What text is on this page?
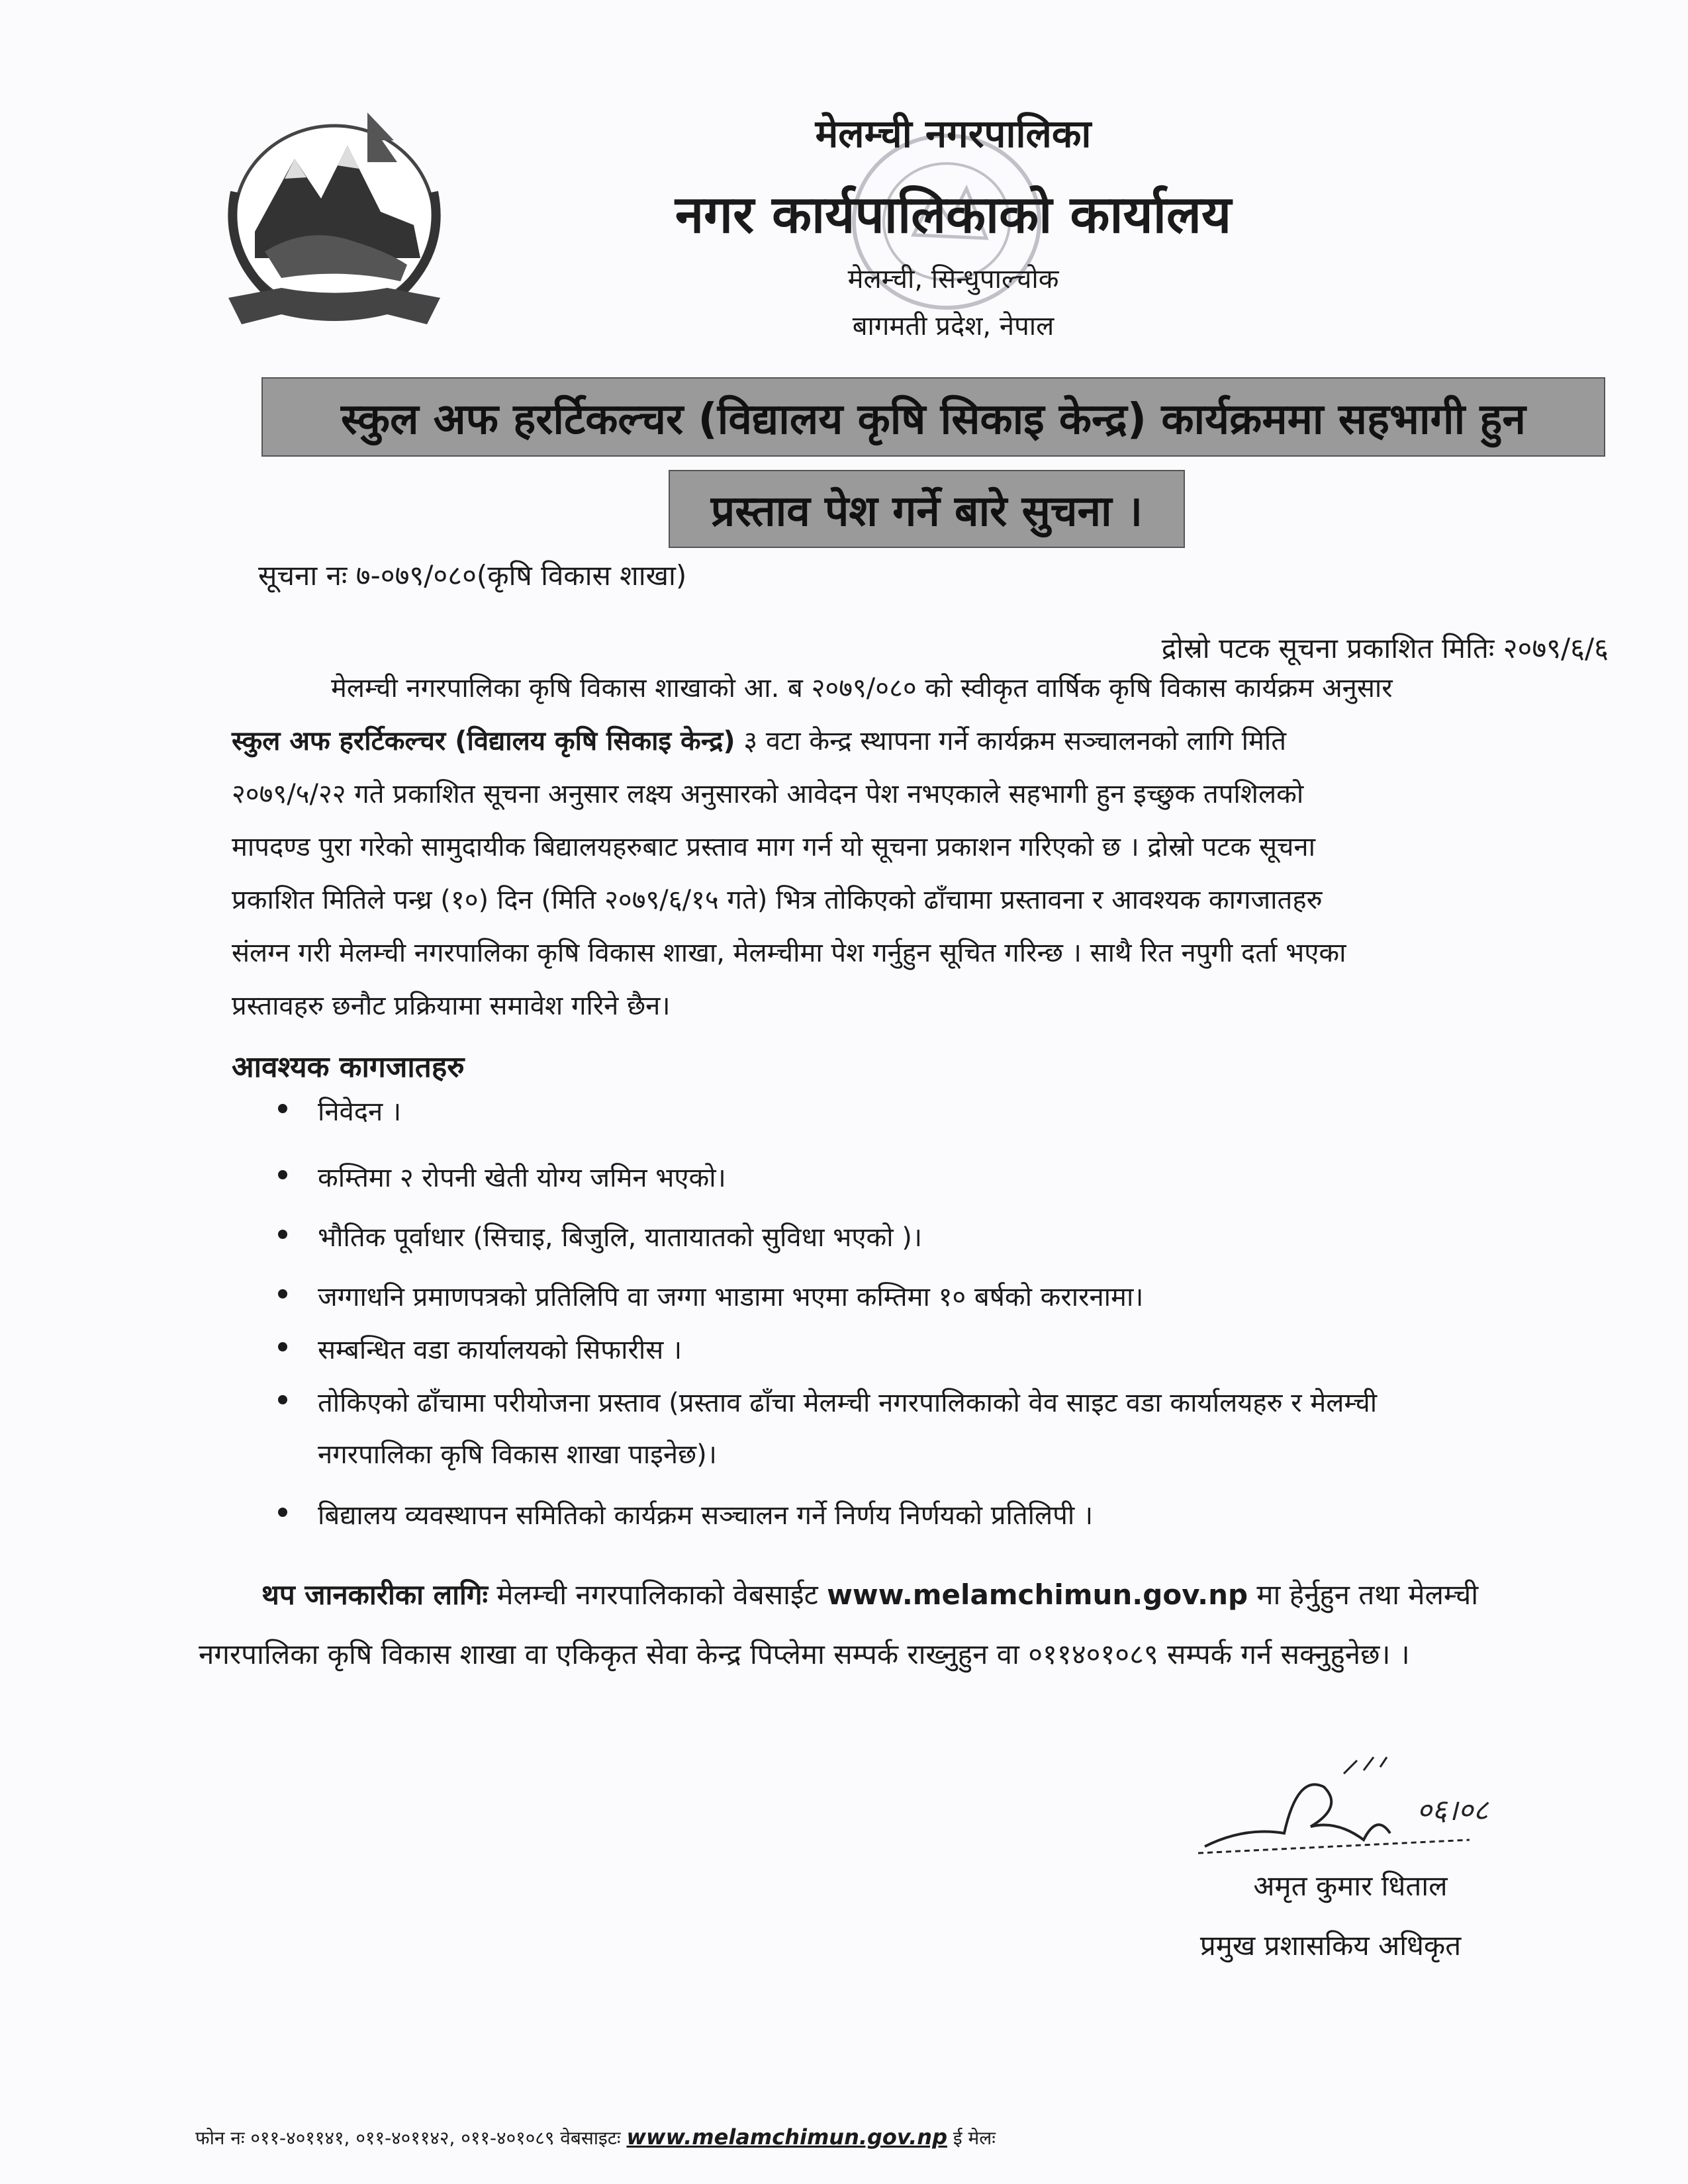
मेलम्ची नगरपालिका
नगर कार्यपालिकाको कार्यालय
मेलम्ची, सिन्धुपाल्चोक
बागमती प्रदेश, नेपाल
स्कुल अफ हरर्टिकल्चर (विद्यालय कृषि सिकाइ केन्द्र) कार्यक्रममा सहभागी हुन
प्रस्ताव पेश गर्ने बारे सुचना ।
सूचना नः ७-०७९/०८०(कृषि विकास शाखा)
द्रोस्रो पटक सूचना प्रकाशित मितिः २०७९/६/६
मेलम्ची नगरपालिका कृषि विकास शाखाको आ. ब २०७९/०८० को स्वीकृत वार्षिक कृषि विकास कार्यक्रम अनुसार
स्कुल अफ हरर्टिकल्चर (विद्यालय कृषि सिकाइ केन्द्र) ३ वटा केन्द्र स्थापना गर्ने कार्यक्रम सञ्चालनको लागि मिति
२०७९/५/२२ गते प्रकाशित सूचना अनुसार लक्ष्य अनुसारको आवेदन पेश नभएकाले सहभागी हुन इच्छुक तपशिलको
मापदण्ड पुरा गरेको सामुदायीक बिद्यालयहरुबाट प्रस्ताव माग गर्न यो सूचना प्रकाशन गरिएको छ । द्रोस्रो पटक सूचना
प्रकाशित मितिले पन्ध्र (१०) दिन (मिति २०७९/६/१५ गते) भित्र तोकिएको ढाँचामा प्रस्तावना र आवश्यक कागजातहरु
संलग्न गरी मेलम्ची नगरपालिका कृषि विकास शाखा, मेलम्चीमा पेश गर्नुहुन सूचित गरिन्छ । साथै रित नपुगी दर्ता भएका
प्रस्तावहरु छनौट प्रक्रियामा समावेश गरिने छैन।
आवश्यक कागजातहरु
निवेदन ।
कम्तिमा २ रोपनी खेती योग्य जमिन भएको।
भौतिक पूर्वाधार (सिचाइ, बिजुलि, यातायातको सुविधा भएको )।
जग्गाधनि प्रमाणपत्रको प्रतिलिपि वा जग्गा भाडामा भएमा कम्तिमा १० बर्षको करारनामा।
सम्बन्धित वडा कार्यालयको सिफारीस ।
तोकिएको ढाँचामा परीयोजना प्रस्ताव (प्रस्ताव ढाँचा मेलम्ची नगरपालिकाको वेव साइट वडा कार्यालयहरु र मेलम्ची
नगरपालिका कृषि विकास शाखा पाइनेछ)।
बिद्यालय व्यवस्थापन समितिको कार्यक्रम सञ्चालन गर्ने निर्णय निर्णयको प्रतिलिपी ।
थप जानकारीका लागिः मेलम्ची नगरपालिकाको वेबसाईट www.melamchimun.gov.np मा हेर्नुहुन तथा मेलम्ची
नगरपालिका कृषि विकास शाखा वा एकिकृत सेवा केन्द्र पिप्लेमा सम्पर्क राख्नुहुन वा ०११४०१०८९ सम्पर्क गर्न सक्नुहुनेछ। ।
०६।०८
अमृत कुमार धिताल
प्रमुख प्रशासकिय अधिकृत
फोन नः ०११-४०११४१, ०११-४०११४२, ०११-४०१०८९ वेबसाइटः www.melamchimun.gov.np ई मेलः
